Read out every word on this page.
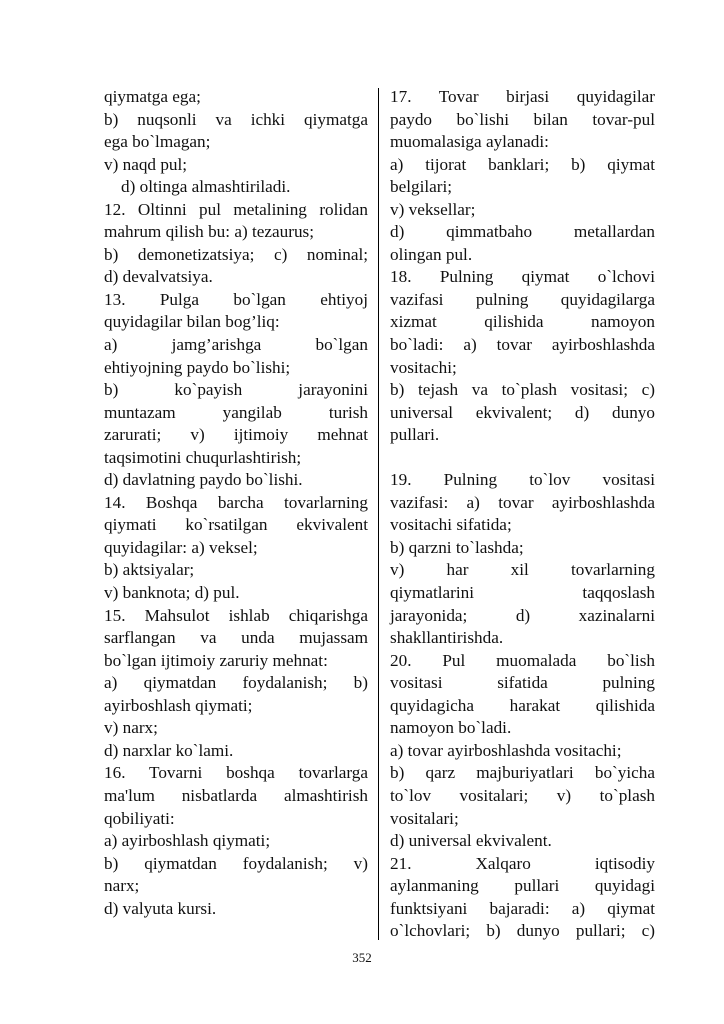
qiymatga ega;
b) nuqsonli va ichki qiymatga
ega bo`lmagan;
v) naqd pul;
d) oltinga almashtiriladi.
12. Oltinni pul metalining rolidan
mahrum qilish bu: a) tezaurus;
b) demonetizatsiya; c) nominal;
d) devalvatsiya.
13. Pulga bo`lgan ehtiyoj
quyidagilar bilan bog’liq:
a) jamg’arishga bo`lgan
ehtiyojning paydo bo`lishi;
b) ko`payish jarayonini
muntazam yangilab turish
zarurati; v) ijtimoiy mehnat
taqsimotini chuqurlashtirish;
d) davlatning paydo bo`lishi.
14. Boshqa barcha tovarlarning
qiymati ko`rsatilgan ekvivalent
quyidagilar: a) veksel;
b) aktsiyalar;
v) banknota; d) pul.
15. Mahsulot ishlab chiqarishga
sarflangan va unda mujassam
bo`lgan ijtimoiy zaruriy mehnat:
a) qiymatdan foydalanish; b)
ayirboshlash qiymati;
v) narx;
d) narxlar ko`lami.
16. Tovarni boshqa tovarlarga
ma'lum nisbatlarda almashtirish
qobiliyati:
a) ayirboshlash qiymati;
b) qiymatdan foydalanish; v)
narx;
d) valyuta kursi.
17. Tovar birjasi quyidagilar
paydo bo`lishi bilan tovar-pul
muomalasiga aylanadi:
a) tijorat banklari; b) qiymat
belgilari;
v) veksellar;
d) qimmatbaho metallardan
olingan pul.
18. Pulning qiymat o`lchovi
vazifasi pulning quyidagilarga
xizmat qilishida namoyon
bo`ladi: a) tovar ayirboshlashda
vositachi;
b) tejash va to`plash vositasi; c)
universal ekvivalent; d) dunyo
pullari.
19. Pulning to`lov vositasi
vazifasi: a) tovar ayirboshlashda
vositachi sifatida;
b) qarzni to`lashda;
v) har xil tovarlarning
qiymatlarini taqqoslash
jarayonida; d) xazinalarni
shakllantirishda.
20. Pul muomalada bo`lish
vositasi sifatida pulning
quyidagicha harakat qilishida
namoyon bo`ladi.
a) tovar ayirboshlashda vositachi;
b) qarz majburiyatlari bo`yicha
to`lov vositalari; v) to`plash
vositalari;
d) universal ekvivalent.
21. Xalqaro iqtisodiy
aylanmaning pullari quyidagi
funktsiyani bajaradi: a) qiymat
o`lchovlari; b) dunyo pullari; c)
352
